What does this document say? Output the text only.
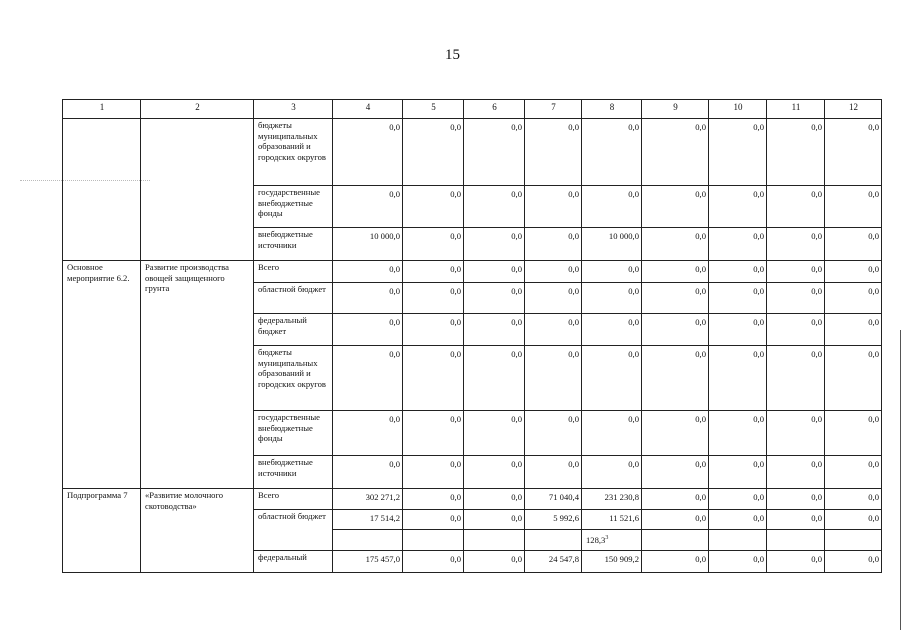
15
1	2	3	4	5	6	7	8	9	10	11	12
		бюджеты муниципальных образований и городских округов	0,0	0,0	0,0	0,0	0,0	0,0	0,0	0,0	0,0
		государственные внебюджетные фонды	0,0	0,0	0,0	0,0	0,0	0,0	0,0	0,0	0,0
		внебюджетные источники	10 000,0	0,0	0,0	0,0	10 000,0	0,0	0,0	0,0	0,0
Основное мероприятие 6.2.	Развитие производства овощей защищенного грунта	Всего	0,0	0,0	0,0	0,0	0,0	0,0	0,0	0,0	0,0
		областной бюджет	0,0	0,0	0,0	0,0	0,0	0,0	0,0	0,0	0,0
		федеральный бюджет	0,0	0,0	0,0	0,0	0,0	0,0	0,0	0,0	0,0
		бюджеты муниципальных образований и городских округов	0,0	0,0	0,0	0,0	0,0	0,0	0,0	0,0	0,0
		государственные внебюджетные фонды	0,0	0,0	0,0	0,0	0,0	0,0	0,0	0,0	0,0
		внебюджетные источники	0,0	0,0	0,0	0,0	0,0	0,0	0,0	0,0	0,0
Подпрограмма 7	«Развитие молочного скотоводства»	Всего	302 271,2	0,0	0,0	71 040,4	231 230,8	0,0	0,0	0,0	0,0
		областной бюджет	17 514,2	0,0	0,0	5 992,6	11 521,6	0,0	0,0	0,0	0,0
							128,3$^3$				
		федеральный	175 457,0	0,0	0,0	24 547,8	150 909,2	0,0	0,0	0,0	0,0
